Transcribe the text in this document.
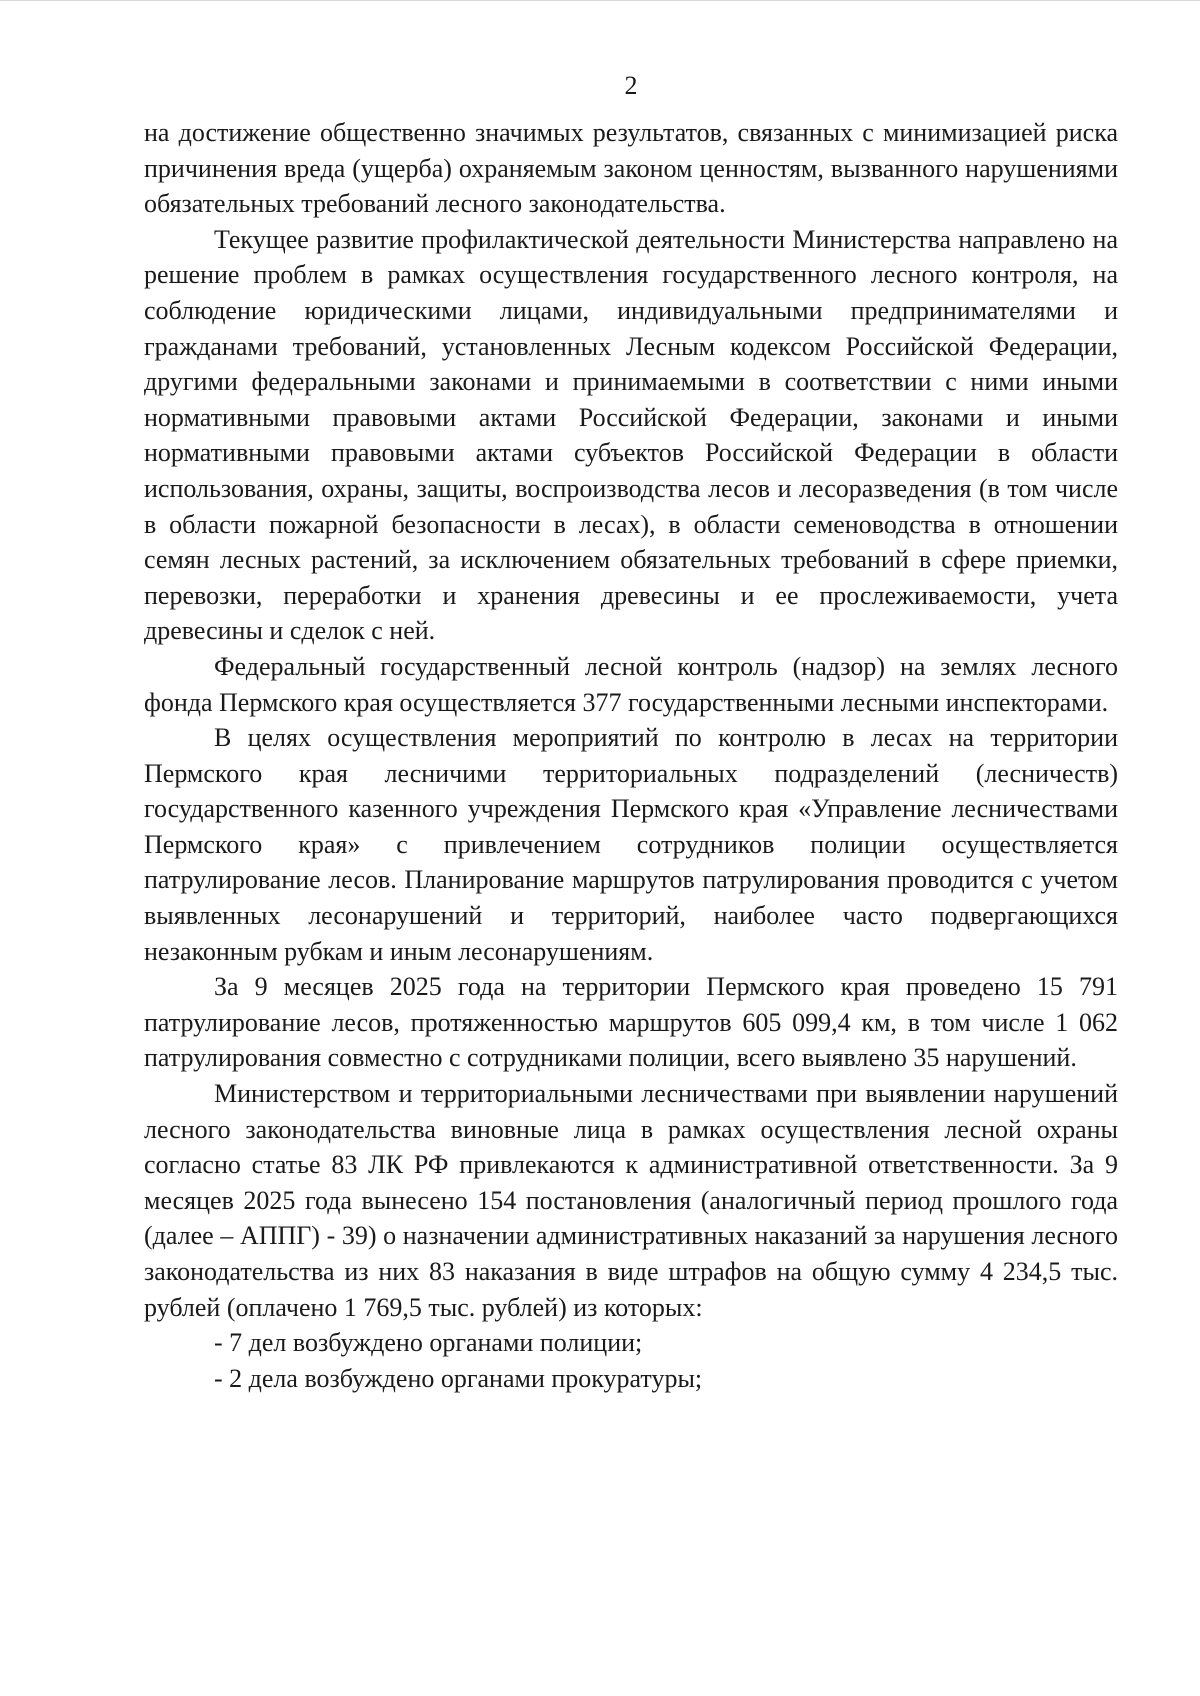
2

на достижение общественно значимых результатов, связанных с минимизацией риска причинения вреда (ущерба) охраняемым законом ценностям, вызванного нарушениями обязательных требований лесного законодательства.

Текущее развитие профилактической деятельности Министерства направлено на решение проблем в рамках осуществления государственного лесного контроля, на соблюдение юридическими лицами, индивидуальными предпринимателями и гражданами требований, установленных Лесным кодексом Российской Федерации, другими федеральными законами и принимаемыми в соответствии с ними иными нормативными правовыми актами Российской Федерации, законами и иными нормативными правовыми актами субъектов Российской Федерации в области использования, охраны, защиты, воспроизводства лесов и лесоразведения (в том числе в области пожарной безопасности в лесах), в области семеноводства в отношении семян лесных растений, за исключением обязательных требований в сфере приемки, перевозки, переработки и хранения древесины и ее прослеживаемости, учета древесины и сделок с ней.

Федеральный государственный лесной контроль (надзор) на землях лесного фонда Пермского края осуществляется 377 государственными лесными инспекторами.

В целях осуществления мероприятий по контролю в лесах на территории Пермского края лесничими территориальных подразделений (лесничеств) государственного казенного учреждения Пермского края «Управление лесничествами Пермского края» с привлечением сотрудников полиции осуществляется патрулирование лесов. Планирование маршрутов патрулирования проводится с учетом выявленных лесонарушений и территорий, наиболее часто подвергающихся незаконным рубкам и иным лесонарушениям.

За 9 месяцев 2025 года на территории Пермского края проведено 15 791 патрулирование лесов, протяженностью маршрутов 605 099,4 км, в том числе 1 062 патрулирования совместно с сотрудниками полиции, всего выявлено 35 нарушений.

Министерством и территориальными лесничествами при выявлении нарушений лесного законодательства виновные лица в рамках осуществления лесной охраны согласно статье 83 ЛК РФ привлекаются к административной ответственности. За 9 месяцев 2025 года вынесено 154 постановления (аналогичный период прошлого года (далее – АППГ) - 39) о назначении административных наказаний за нарушения лесного законодательства из них 83 наказания в виде штрафов на общую сумму 4 234,5 тыс. рублей (оплачено 1 769,5 тыс. рублей) из которых:

- 7 дел возбуждено органами полиции;

- 2 дела возбуждено органами прокуратуры;
